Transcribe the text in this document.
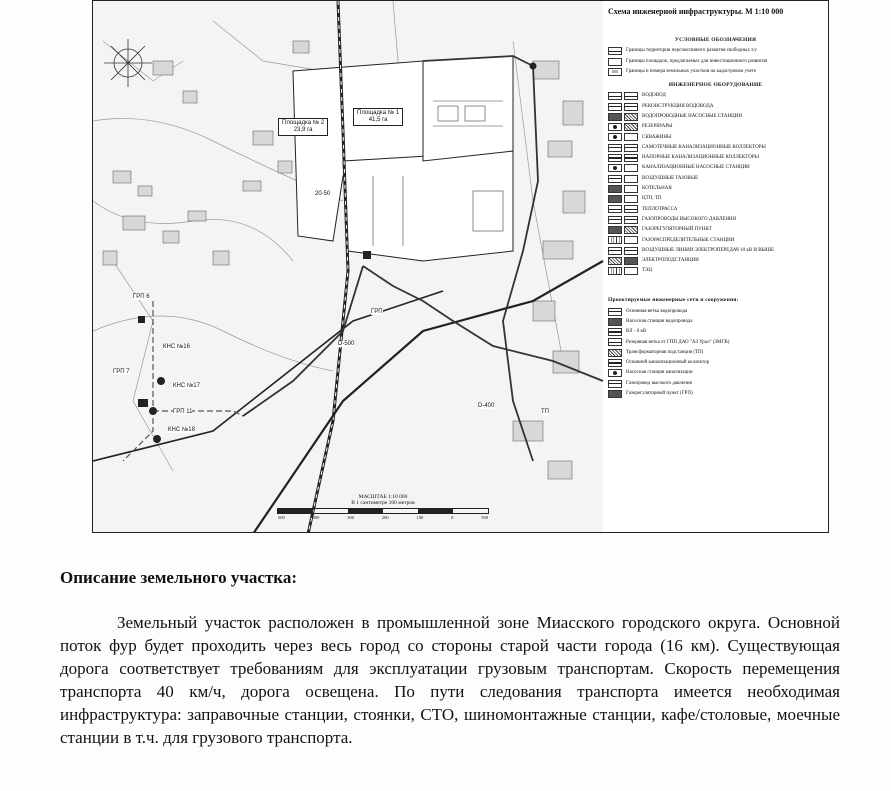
Схема инженерной инфраструктуры. М 1:10 000
Площадка № 2
23,9 га
Площадка № 1
41,5 га
ГРП 6
КНС №16
КНС №17
КНС №18
ГРП 7
ГРП 11
ГРП
ТП
D-500
D-400
20-50
УСЛОВНЫЕ ОБОЗНАЧЕНИЯ
Границы территории перспективного развития свободных з/у
Границы площадок, предлагаемых для инвестиционного развития
000	Границы и номера земельных участков на кадастровом учете
ИНЖЕНЕРНОЕ ОБОРУДОВАНИЕ
ВОДОВОД
РЕКОНСТРУКЦИЯ ВОДОВОДА
ВОДОПРОВОДНЫЕ НАСОСНЫЕ СТАНЦИИ
РЕЗЕРВУАРЫ
СКВАЖИНЫ
САМОТЕЧНЫЕ КАНАЛИЗАЦИОННЫЕ КОЛЛЕКТОРЫ
НАПОРНЫЕ КАНАЛИЗАЦИОННЫЕ КОЛЛЕКТОРЫ
КАНАЛИЗАЦИОННЫЕ НАСОСНЫЕ СТАНЦИИ
ВОЗДУШНЫЕ ГАЗОВЫЕ
КОТЕЛЬНАЯ
ЦТП, ТП
ТЕПЛОТРАССА
ГАЗОПРОВОДЫ ВЫСОКОГО ДАВЛЕНИЯ
ГАЗОРЕГУЛЯТОРНЫЙ ПУНКТ
ГАЗОРАСПРЕДЕЛИТЕЛЬНЫЕ СТАНЦИИ
ВОЗДУШНЫЕ ЛИНИИ ЭЛЕКТРОПЕРЕДАЧ 10 кВ И ВЫШЕ
ЭЛЕКТРОПОДСТАНЦИИ
ТЭЦ
Проектируемые инженерные сети и сооружения:
Основная ветка водопровода
Насосная станция водопровода
ВЛ - 6 кВ
Резервная ветка от ГПП ДАО "АЗ Урал" (ЗМГВ)
Трансформаторная подстанция (ТП)
Основной канализационный коллектор
Насосная станция канализации
Газопровод высокого давления
Газорегуляторный пункт (ГРП)
МАСШТАБ 1:10 000
В 1 сантиметре 100 метров
500	400	300	200	100	0	500
Описание земельного участка:

Земельный участок расположен в промышленной зоне Миасского городского округа. Основной поток фур будет проходить через весь город со стороны старой части города (16 км). Существующая дорога соответствует требованиям для эксплуатации грузовым транспортам. Скорость перемещения транспорта 40 км/ч, дорога освещена. По пути следования транспорта имеется необходимая инфраструктура: заправочные станции, стоянки, СТО, шиномонтажные станции, кафе/столовые, моечные станции в т.ч. для грузового транспорта.
